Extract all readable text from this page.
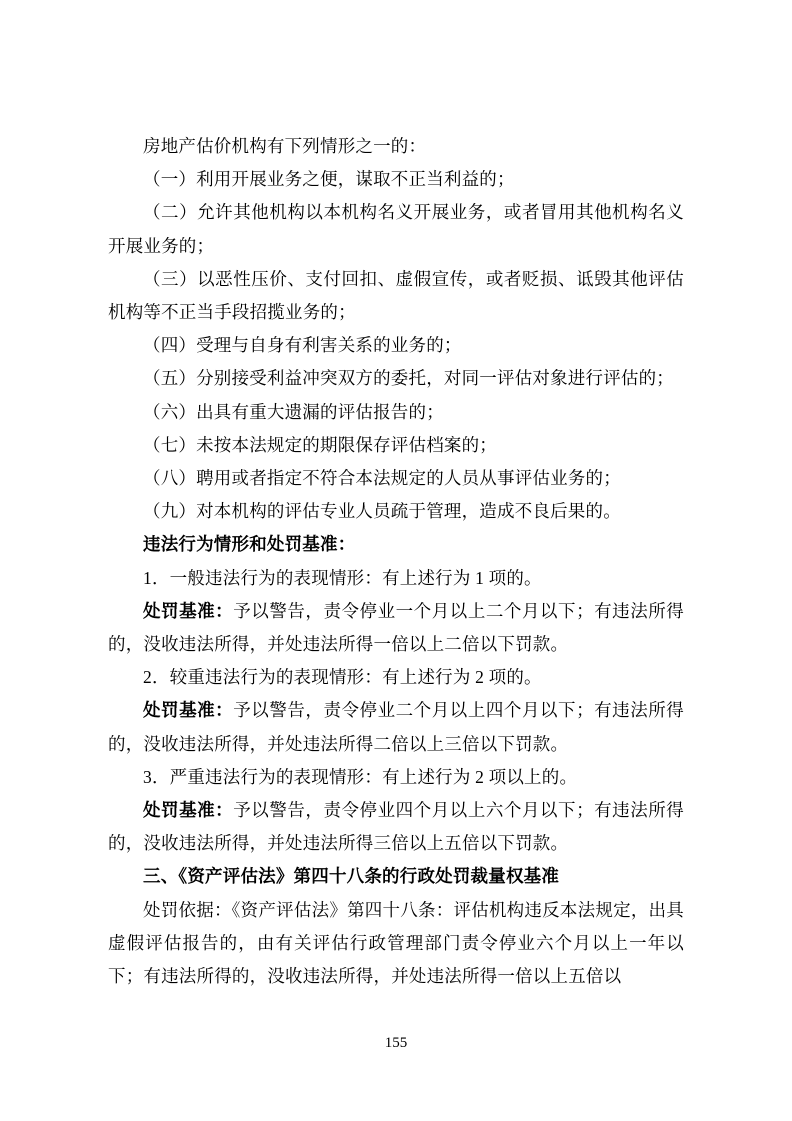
房地产估价机构有下列情形之一的：

（一）利用开展业务之便，谋取不正当利益的；

（二）允许其他机构以本机构名义开展业务，或者冒用其他机构名义开展业务的；

（三）以恶性压价、支付回扣、虚假宣传，或者贬损、诋毁其他评估机构等不正当手段招揽业务的；

（四）受理与自身有利害关系的业务的；

（五）分别接受利益冲突双方的委托，对同一评估对象进行评估的；

（六）出具有重大遗漏的评估报告的；

（七）未按本法规定的期限保存评估档案的；

（八）聘用或者指定不符合本法规定的人员从事评估业务的；

（九）对本机构的评估专业人员疏于管理，造成不良后果的。

违法行为情形和处罚基准：

1．一般违法行为的表现情形：有上述行为 1 项的。

处罚基准：予以警告，责令停业一个月以上二个月以下；有违法所得的，没收违法所得，并处违法所得一倍以上二倍以下罚款。

2．较重违法行为的表现情形：有上述行为 2 项的。

处罚基准：予以警告，责令停业二个月以上四个月以下；有违法所得的，没收违法所得，并处违法所得二倍以上三倍以下罚款。

3．严重违法行为的表现情形：有上述行为 2 项以上的。

处罚基准：予以警告，责令停业四个月以上六个月以下；有违法所得的，没收违法所得，并处违法所得三倍以上五倍以下罚款。

三、《资产评估法》第四十八条的行政处罚裁量权基准

处罚依据：《资产评估法》第四十八条：评估机构违反本法规定，出具虚假评估报告的，由有关评估行政管理部门责令停业六个月以上一年以下；有违法所得的，没收违法所得，并处违法所得一倍以上五倍以

155
